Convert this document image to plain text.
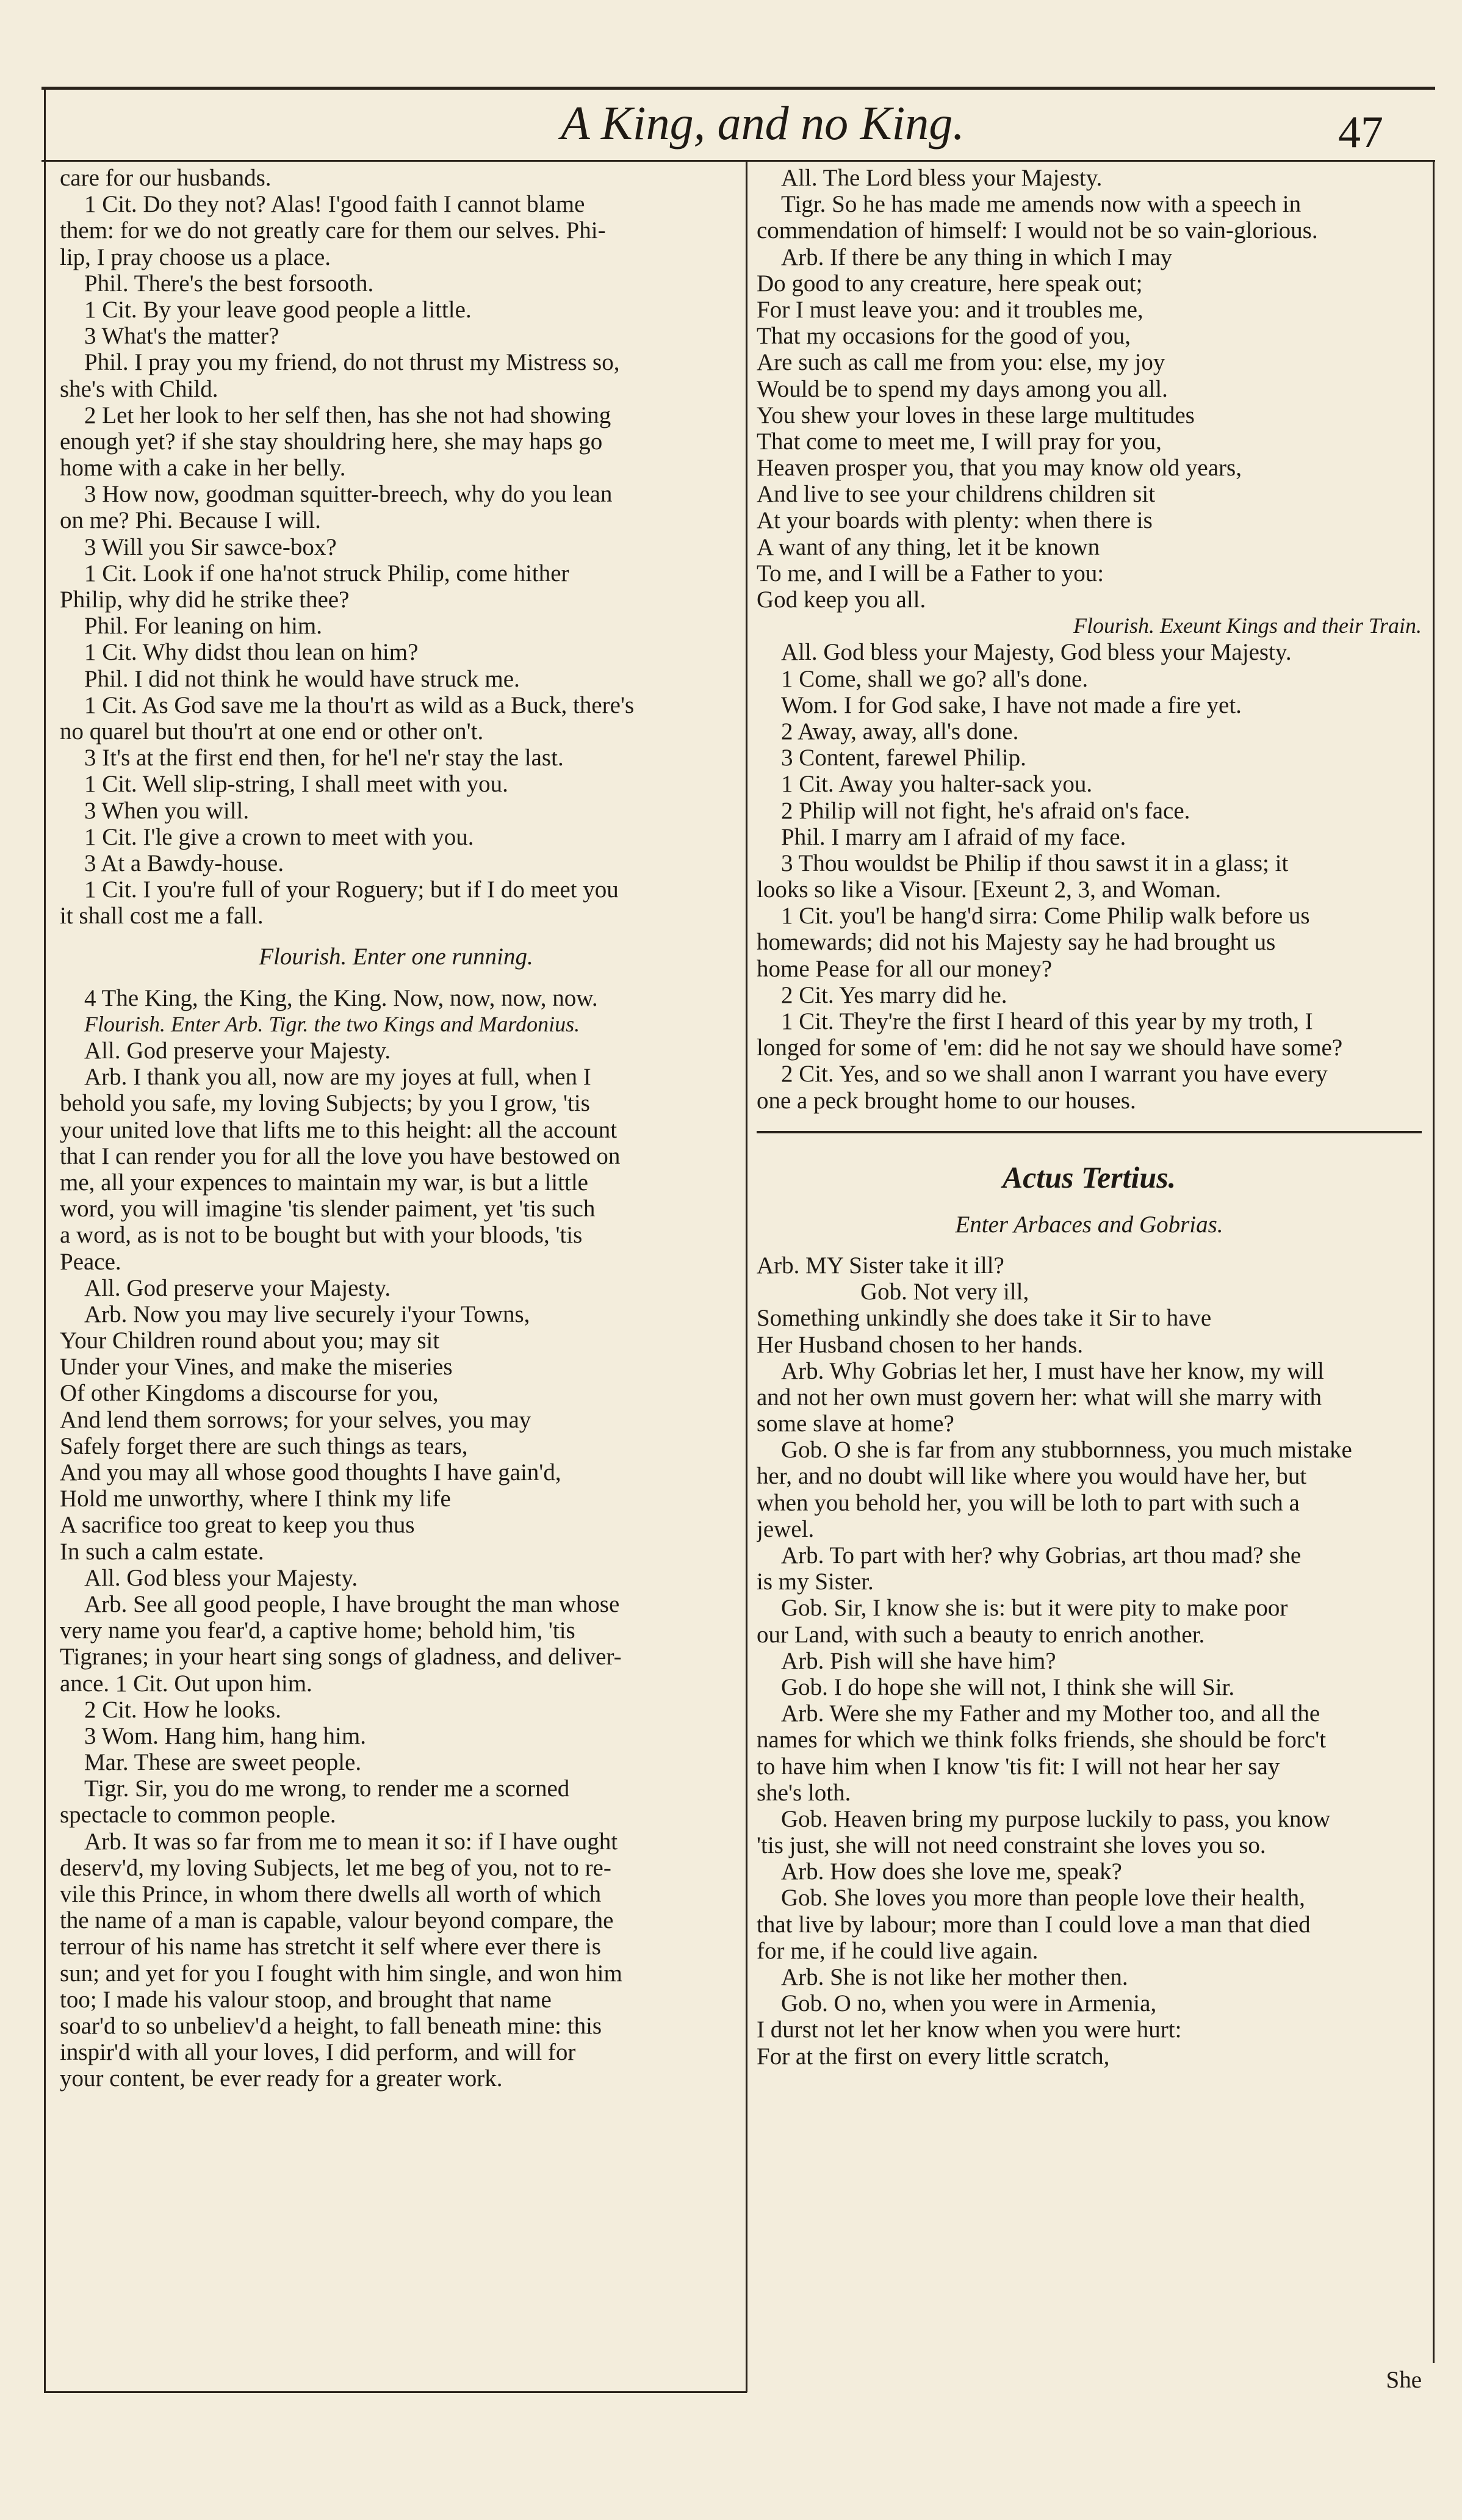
A King, and no King.	47
care for our husbands.
1 Cit. Do they not? Alas! I'good faith I cannot blame
them: for we do not greatly care for them our selves. Phi-
lip, I pray choose us a place.
Phil. There's the best forsooth.
1 Cit. By your leave good people a little.
3 What's the matter?
Phil. I pray you my friend, do not thrust my Mistress so,
she's with Child.
2 Let her look to her self then, has she not had showing
enough yet? if she stay shouldring here, she may haps go
home with a cake in her belly.
3 How now, goodman squitter-breech, why do you lean
on me? Phi. Because I will.
3 Will you Sir sawce-box?
1 Cit. Look if one ha'not struck Philip, come hither
Philip, why did he strike thee?
Phil. For leaning on him.
1 Cit. Why didst thou lean on him?
Phil. I did not think he would have struck me.
1 Cit. As God save me la thou'rt as wild as a Buck, there's
no quarel but thou'rt at one end or other on't.
3 It's at the first end then, for he'l ne'r stay the last.
1 Cit. Well slip-string, I shall meet with you.
3 When you will.
1 Cit. I'le give a crown to meet with you.
3 At a Bawdy-house.
1 Cit. I you're full of your Roguery; but if I do meet you
it shall cost me a fall.
Flourish. Enter one running.
4 The King, the King, the King. Now, now, now, now.
Flourish. Enter Arb. Tigr. the two Kings and Mardonius.
All. God preserve your Majesty.
Arb. I thank you all, now are my joyes at full, when I
behold you safe, my loving Subjects; by you I grow, 'tis
your united love that lifts me to this height: all the account
that I can render you for all the love you have bestowed on
me, all your expences to maintain my war, is but a little
word, you will imagine 'tis slender paiment, yet 'tis such
a word, as is not to be bought but with your bloods, 'tis
Peace.
All. God preserve your Majesty.
Arb. Now you may live securely i'your Towns,
Your Children round about you; may sit
Under your Vines, and make the miseries
Of other Kingdoms a discourse for you,
And lend them sorrows; for your selves, you may
Safely forget there are such things as tears,
And you may all whose good thoughts I have gain'd,
Hold me unworthy, where I think my life
A sacrifice too great to keep you thus
In such a calm estate.
All. God bless your Majesty.
Arb. See all good people, I have brought the man whose
very name you fear'd, a captive home; behold him, 'tis
Tigranes; in your heart sing songs of gladness, and deliver-
ance. 1 Cit. Out upon him.
2 Cit. How he looks.
3 Wom. Hang him, hang him.
Mar. These are sweet people.
Tigr. Sir, you do me wrong, to render me a scorned
spectacle to common people.
Arb. It was so far from me to mean it so: if I have ought
deserv'd, my loving Subjects, let me beg of you, not to re-
vile this Prince, in whom there dwells all worth of which
the name of a man is capable, valour beyond compare, the
terrour of his name has stretcht it self where ever there is
sun; and yet for you I fought with him single, and won him
too; I made his valour stoop, and brought that name
soar'd to so unbeliev'd a height, to fall beneath mine: this
inspir'd with all your loves, I did perform, and will for
your content, be ever ready for a greater work.
All. The Lord bless your Majesty.
Tigr. So he has made me amends now with a speech in
commendation of himself: I would not be so vain-glorious.
Arb. If there be any thing in which I may
Do good to any creature, here speak out;
For I must leave you: and it troubles me,
That my occasions for the good of you,
Are such as call me from you: else, my joy
Would be to spend my days among you all.
You shew your loves in these large multitudes
That come to meet me, I will pray for you,
Heaven prosper you, that you may know old years,
And live to see your childrens children sit
At your boards with plenty: when there is
A want of any thing, let it be known
To me, and I will be a Father to you:
God keep you all.
Flourish. Exeunt Kings and their Train.
All. God bless your Majesty, God bless your Majesty.
1 Come, shall we go? all's done.
Wom. I for God sake, I have not made a fire yet.
2 Away, away, all's done.
3 Content, farewel Philip.
1 Cit. Away you halter-sack you.
2 Philip will not fight, he's afraid on's face.
Phil. I marry am I afraid of my face.
3 Thou wouldst be Philip if thou sawst it in a glass; it
looks so like a Visour. [Exeunt 2, 3, and Woman.
1 Cit. you'l be hang'd sirra: Come Philip walk before us
homewards; did not his Majesty say he had brought us
home Pease for all our money?
2 Cit. Yes marry did he.
1 Cit. They're the first I heard of this year by my troth, I
longed for some of 'em: did he not say we should have some?
2 Cit. Yes, and so we shall anon I warrant you have every
one a peck brought home to our houses.
Actus Tertius.
Enter Arbaces and Gobrias.
Arb. MY Sister take it ill?
Gob. Not very ill,
Something unkindly she does take it Sir to have
Her Husband chosen to her hands.
Arb. Why Gobrias let her, I must have her know, my will
and not her own must govern her: what will she marry with
some slave at home?
Gob. O she is far from any stubbornness, you much mistake
her, and no doubt will like where you would have her, but
when you behold her, you will be loth to part with such a
jewel.
Arb. To part with her? why Gobrias, art thou mad? she
is my Sister.
Gob. Sir, I know she is: but it were pity to make poor
our Land, with such a beauty to enrich another.
Arb. Pish will she have him?
Gob. I do hope she will not, I think she will Sir.
Arb. Were she my Father and my Mother too, and all the
names for which we think folks friends, she should be forc't
to have him when I know 'tis fit: I will not hear her say
she's loth.
Gob. Heaven bring my purpose luckily to pass, you know
'tis just, she will not need constraint she loves you so.
Arb. How does she love me, speak?
Gob. She loves you more than people love their health,
that live by labour; more than I could love a man that died
for me, if he could live again.
Arb. She is not like her mother then.
Gob. O no, when you were in Armenia,
I durst not let her know when you were hurt:
For at the first on every little scratch,
She
